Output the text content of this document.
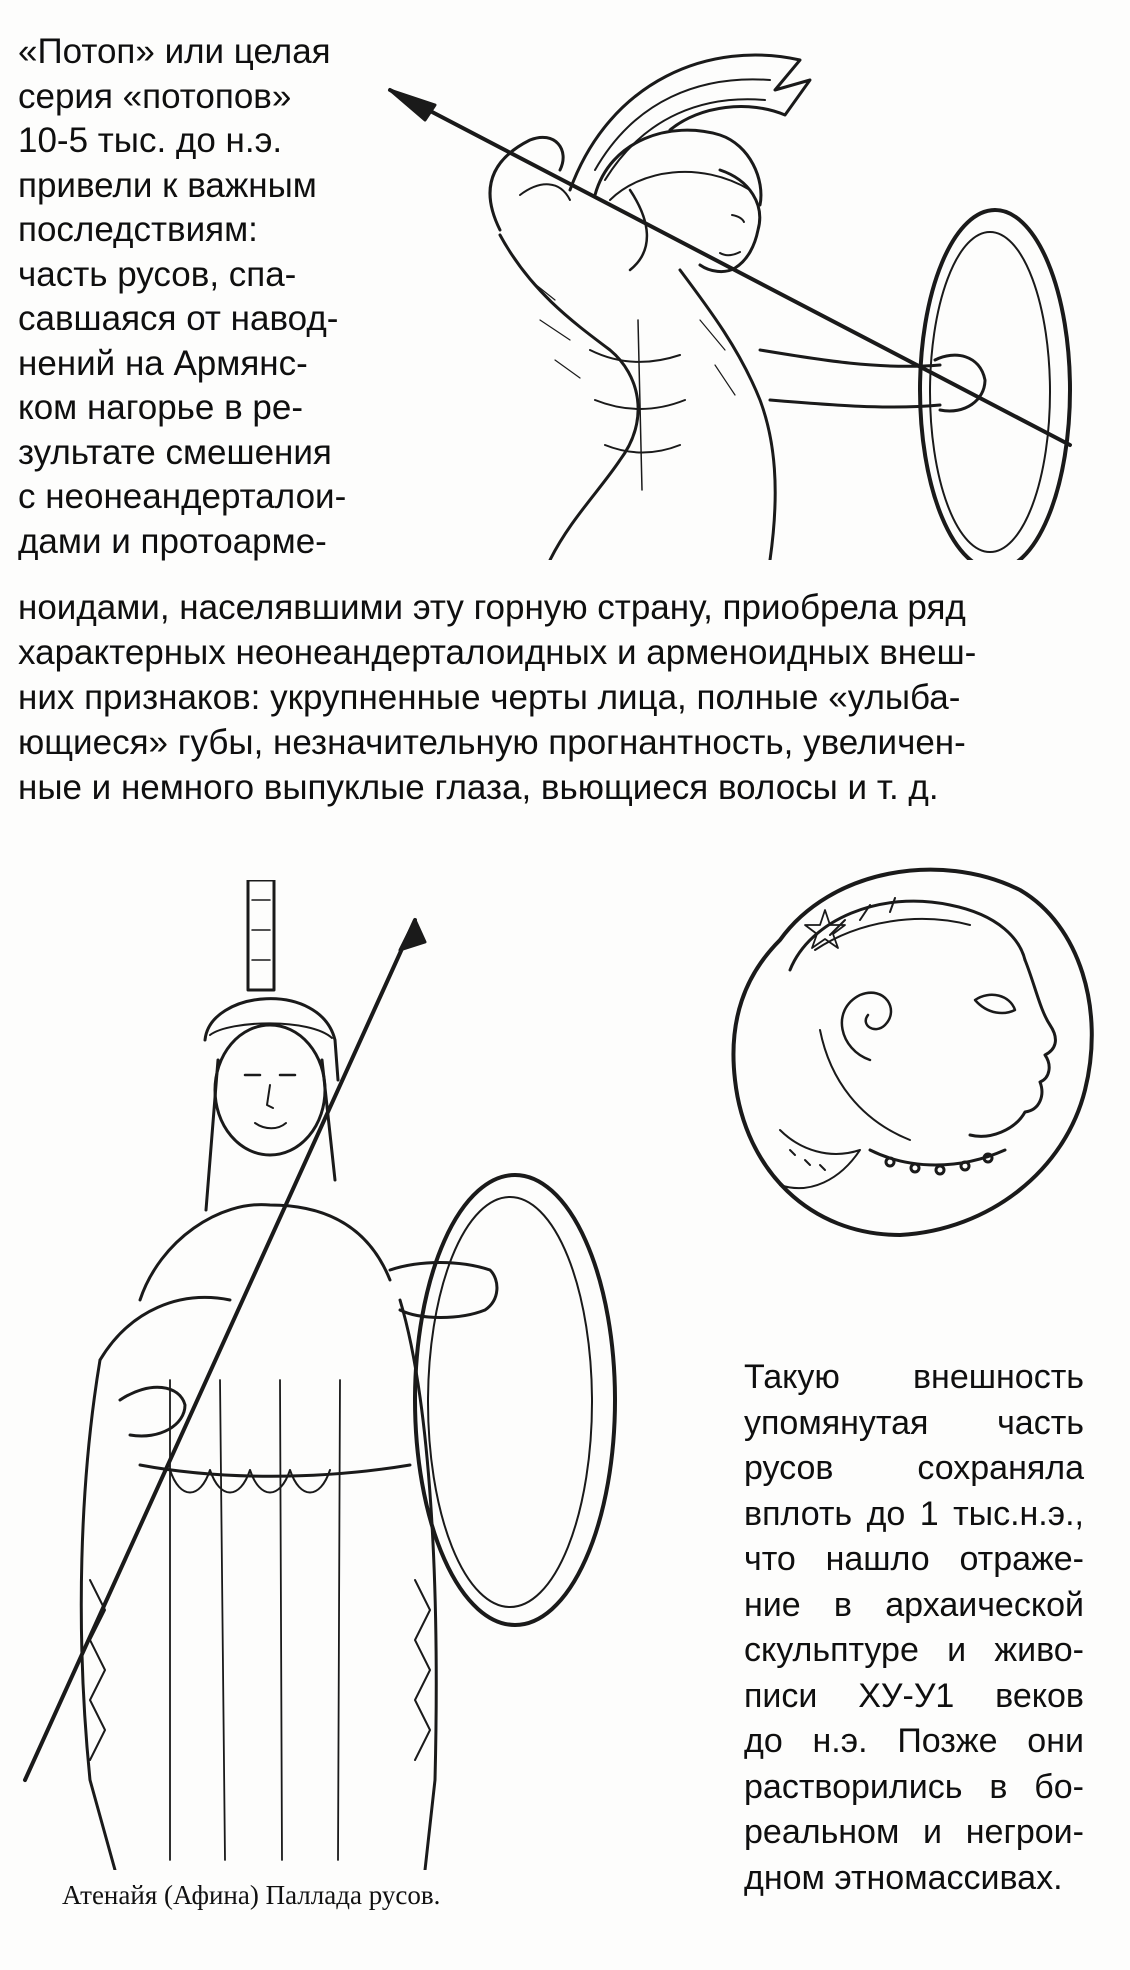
«Потоп» или целая
серия «потопов»
10-5 тыс. до н.э.
привели к важным
последствиям:
часть русов, спа-
савшаяся от навод-
нений на Армянс-
ком нагорье в ре-
зультате смешения
с неонеандерталои-
дами и протоарме-
ноидами, населявшими эту горную страну, приобрела ряд
характерных неонеандерталоидных и арменоидных внеш-
них признаков: укрупненные черты лица, полные «улыба-
ющиеся» губы, незначительную прогнантность, увеличен-
ные и немного выпуклые глаза, вьющиеся волосы и т. д.
Такую внешность
упомянутая часть
русов сохраняла
вплоть до 1 тыс.н.э.,
что нашло отраже-
ние в архаической
скульптуре и живо-
писи XУ-У1 веков
до н.э. Позже они
растворились в бо-
реальном и негрои-
дном этномассивах.
Атенайя (Афина) Паллада русов.
